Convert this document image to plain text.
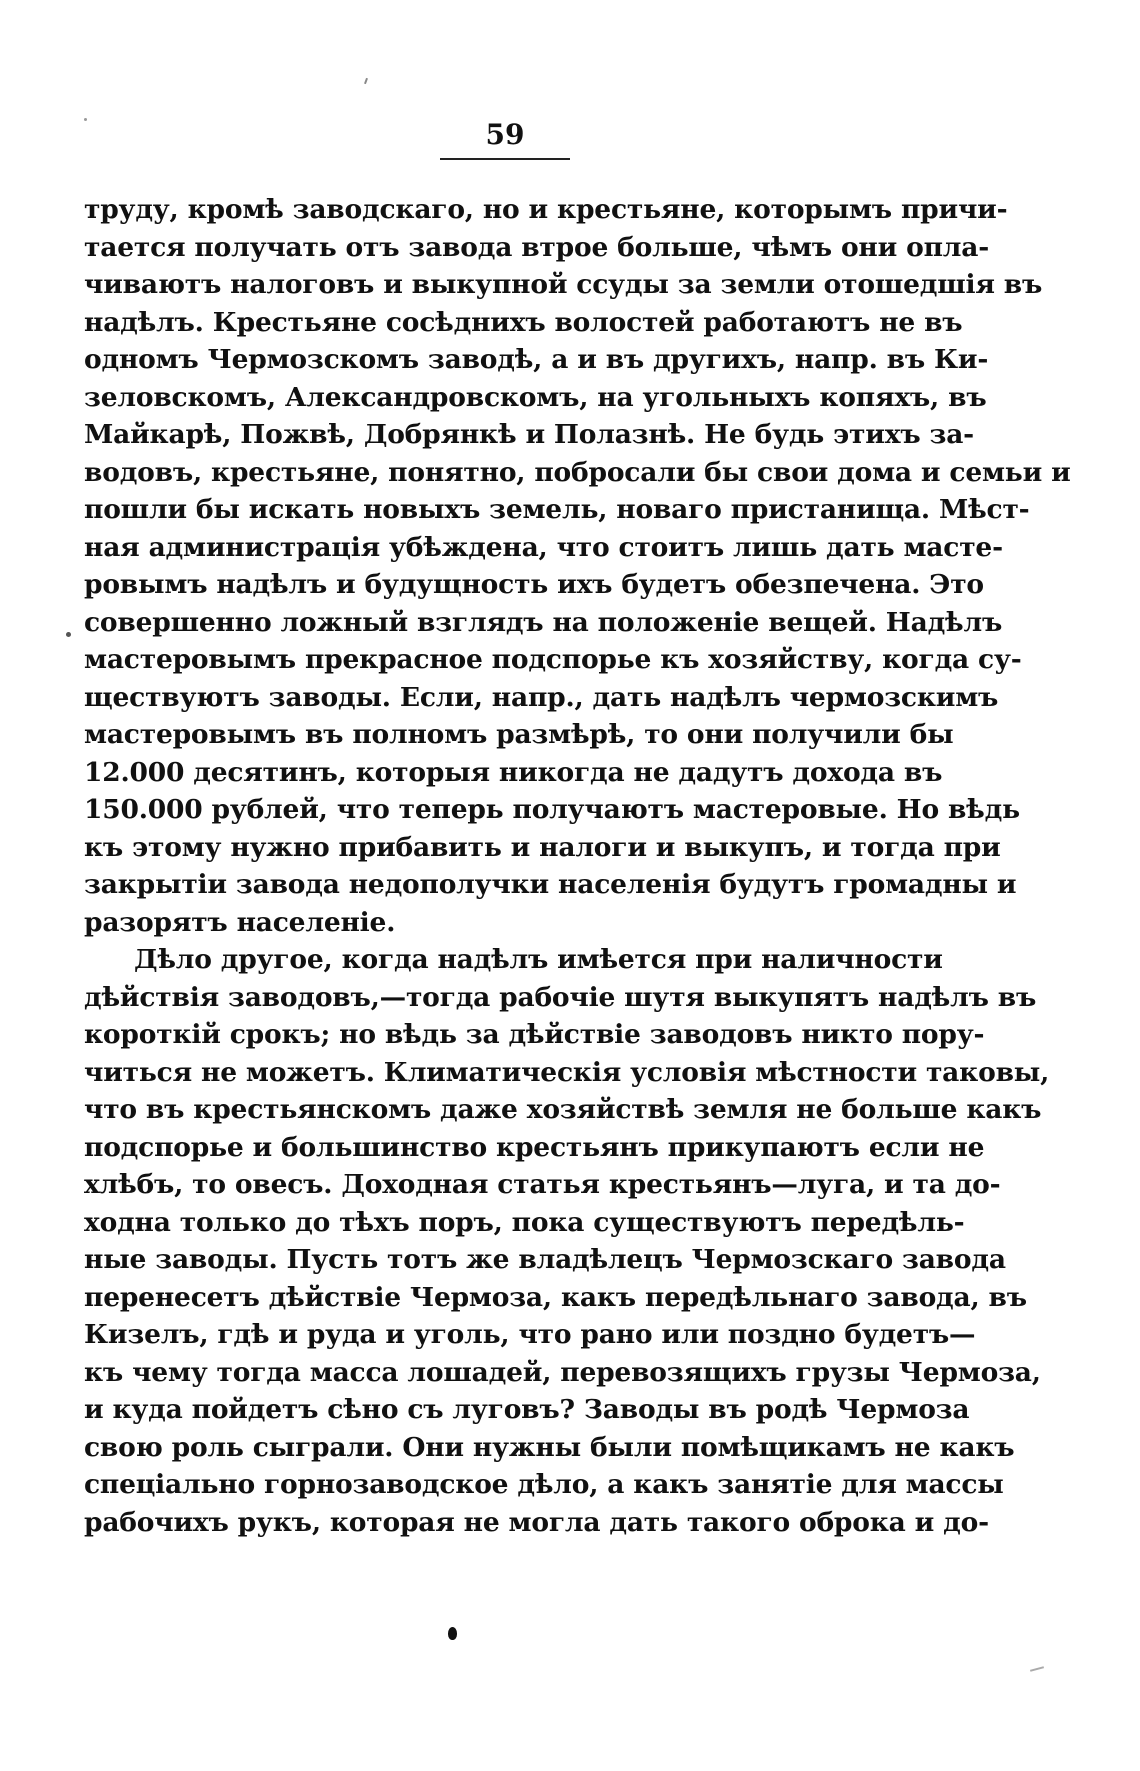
59
труду, кромѣ заводскаго, но и крестьяне, которымъ причи-
тается получать отъ завода втрое больше, чѣмъ они опла-
чиваютъ налоговъ и выкупной ссуды за земли отошедшія въ
надѣлъ. Крестьяне сосѣднихъ волостей работаютъ не въ
одномъ Чермозскомъ заводѣ, а и въ другихъ, напр. въ Ки-
зеловскомъ, Александровскомъ, на угольныхъ копяхъ, въ
Майкарѣ, Пожвѣ, Добрянкѣ и Полазнѣ. Не будь этихъ за-
водовъ, крестьяне, понятно, побросали бы свои дома и семьи и
пошли бы искать новыхъ земель, новаго пристанища. Мѣст-
ная администрація убѣждена, что стоитъ лишь дать масте-
ровымъ надѣлъ и будущность ихъ будетъ обезпечена. Это
совершенно ложный взглядъ на положеніе вещей. Надѣлъ
мастеровымъ прекрасное подспорье къ хозяйству, когда су-
ществуютъ заводы. Если, напр., дать надѣлъ чермозскимъ
мастеровымъ въ полномъ размѣрѣ, то они получили бы
12.000 десятинъ, которыя никогда не дадутъ дохода въ
150.000 рублей, что теперь получаютъ мастеровые. Но вѣдь
къ этому нужно прибавить и налоги и выкупъ, и тогда при
закрытіи завода недополучки населенія будутъ громадны и
разорятъ населеніе.
Дѣло другое, когда надѣлъ имѣется при наличности
дѣйствія заводовъ,—тогда рабочіе шутя выкупятъ надѣлъ въ
короткій срокъ; но вѣдь за дѣйствіе заводовъ никто пору-
читься не можетъ. Климатическія условія мѣстности таковы,
что въ крестьянскомъ даже хозяйствѣ земля не больше какъ
подспорье и большинство крестьянъ прикупаютъ если не
хлѣбъ, то овесъ. Доходная статья крестьянъ—луга, и та до-
ходна только до тѣхъ поръ, пока существуютъ передѣль-
ные заводы. Пусть тотъ же владѣлецъ Чермозскаго завода
перенесетъ дѣйствіе Чермоза, какъ передѣльнаго завода, въ
Кизелъ, гдѣ и руда и уголь, что рано или поздно будетъ—
къ чему тогда масса лошадей, перевозящихъ грузы Чермоза,
и куда пойдетъ сѣно съ луговъ? Заводы въ родѣ Чермоза
свою роль сыграли. Они нужны были помѣщикамъ не какъ
спеціально горнозаводское дѣло, а какъ занятіе для массы
рабочихъ рукъ, которая не могла дать такого оброка и до-
